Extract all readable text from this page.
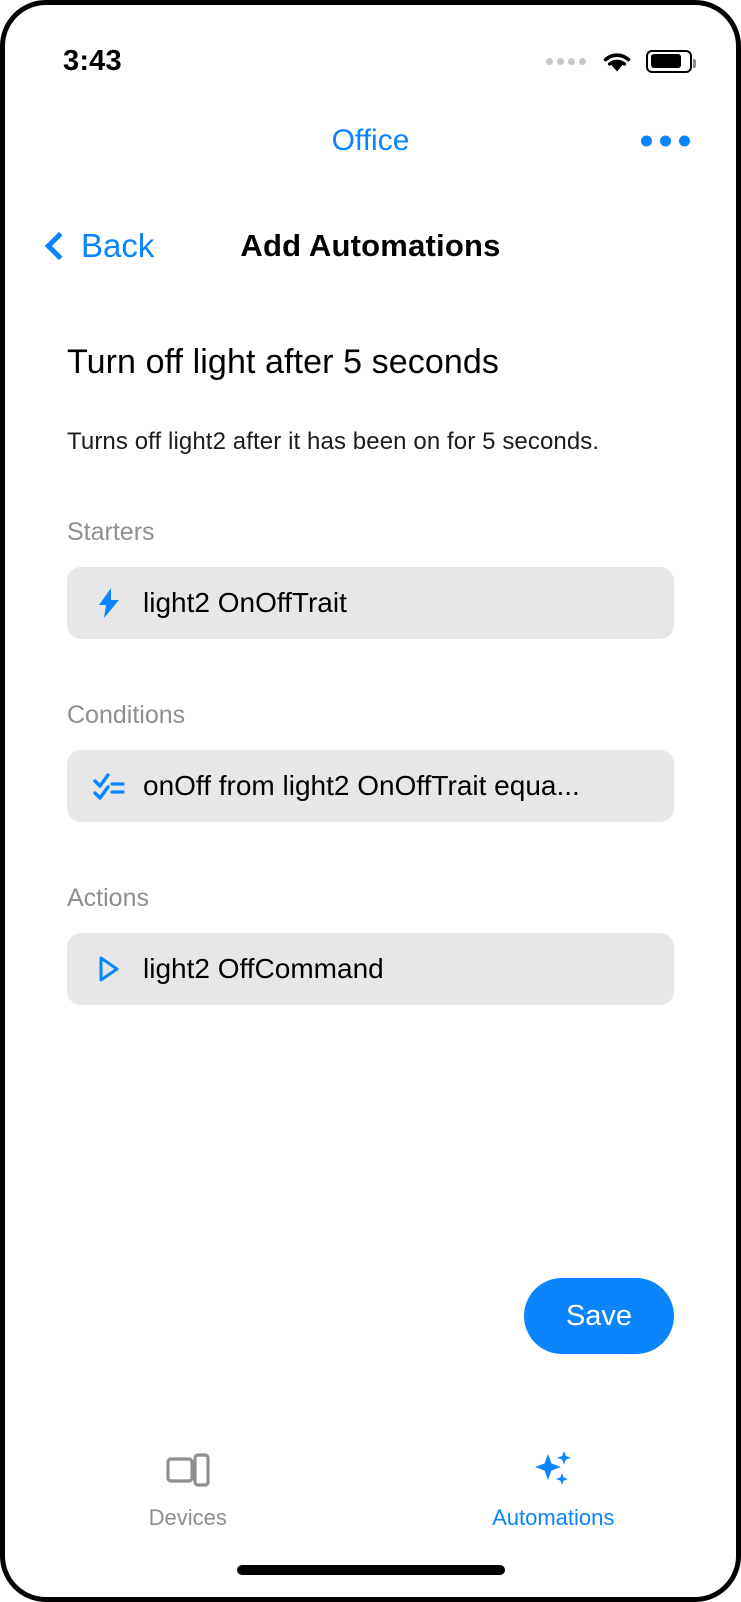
3:43
Office
Back	Add Automations
Turn off light after 5 seconds
Turns off light2 after it has been on for 5 seconds.
Starters
light2 OnOffTrait
Conditions
onOff from light2 OnOffTrait equa...
Actions
light2 OffCommand
Save
Devices	Automations
